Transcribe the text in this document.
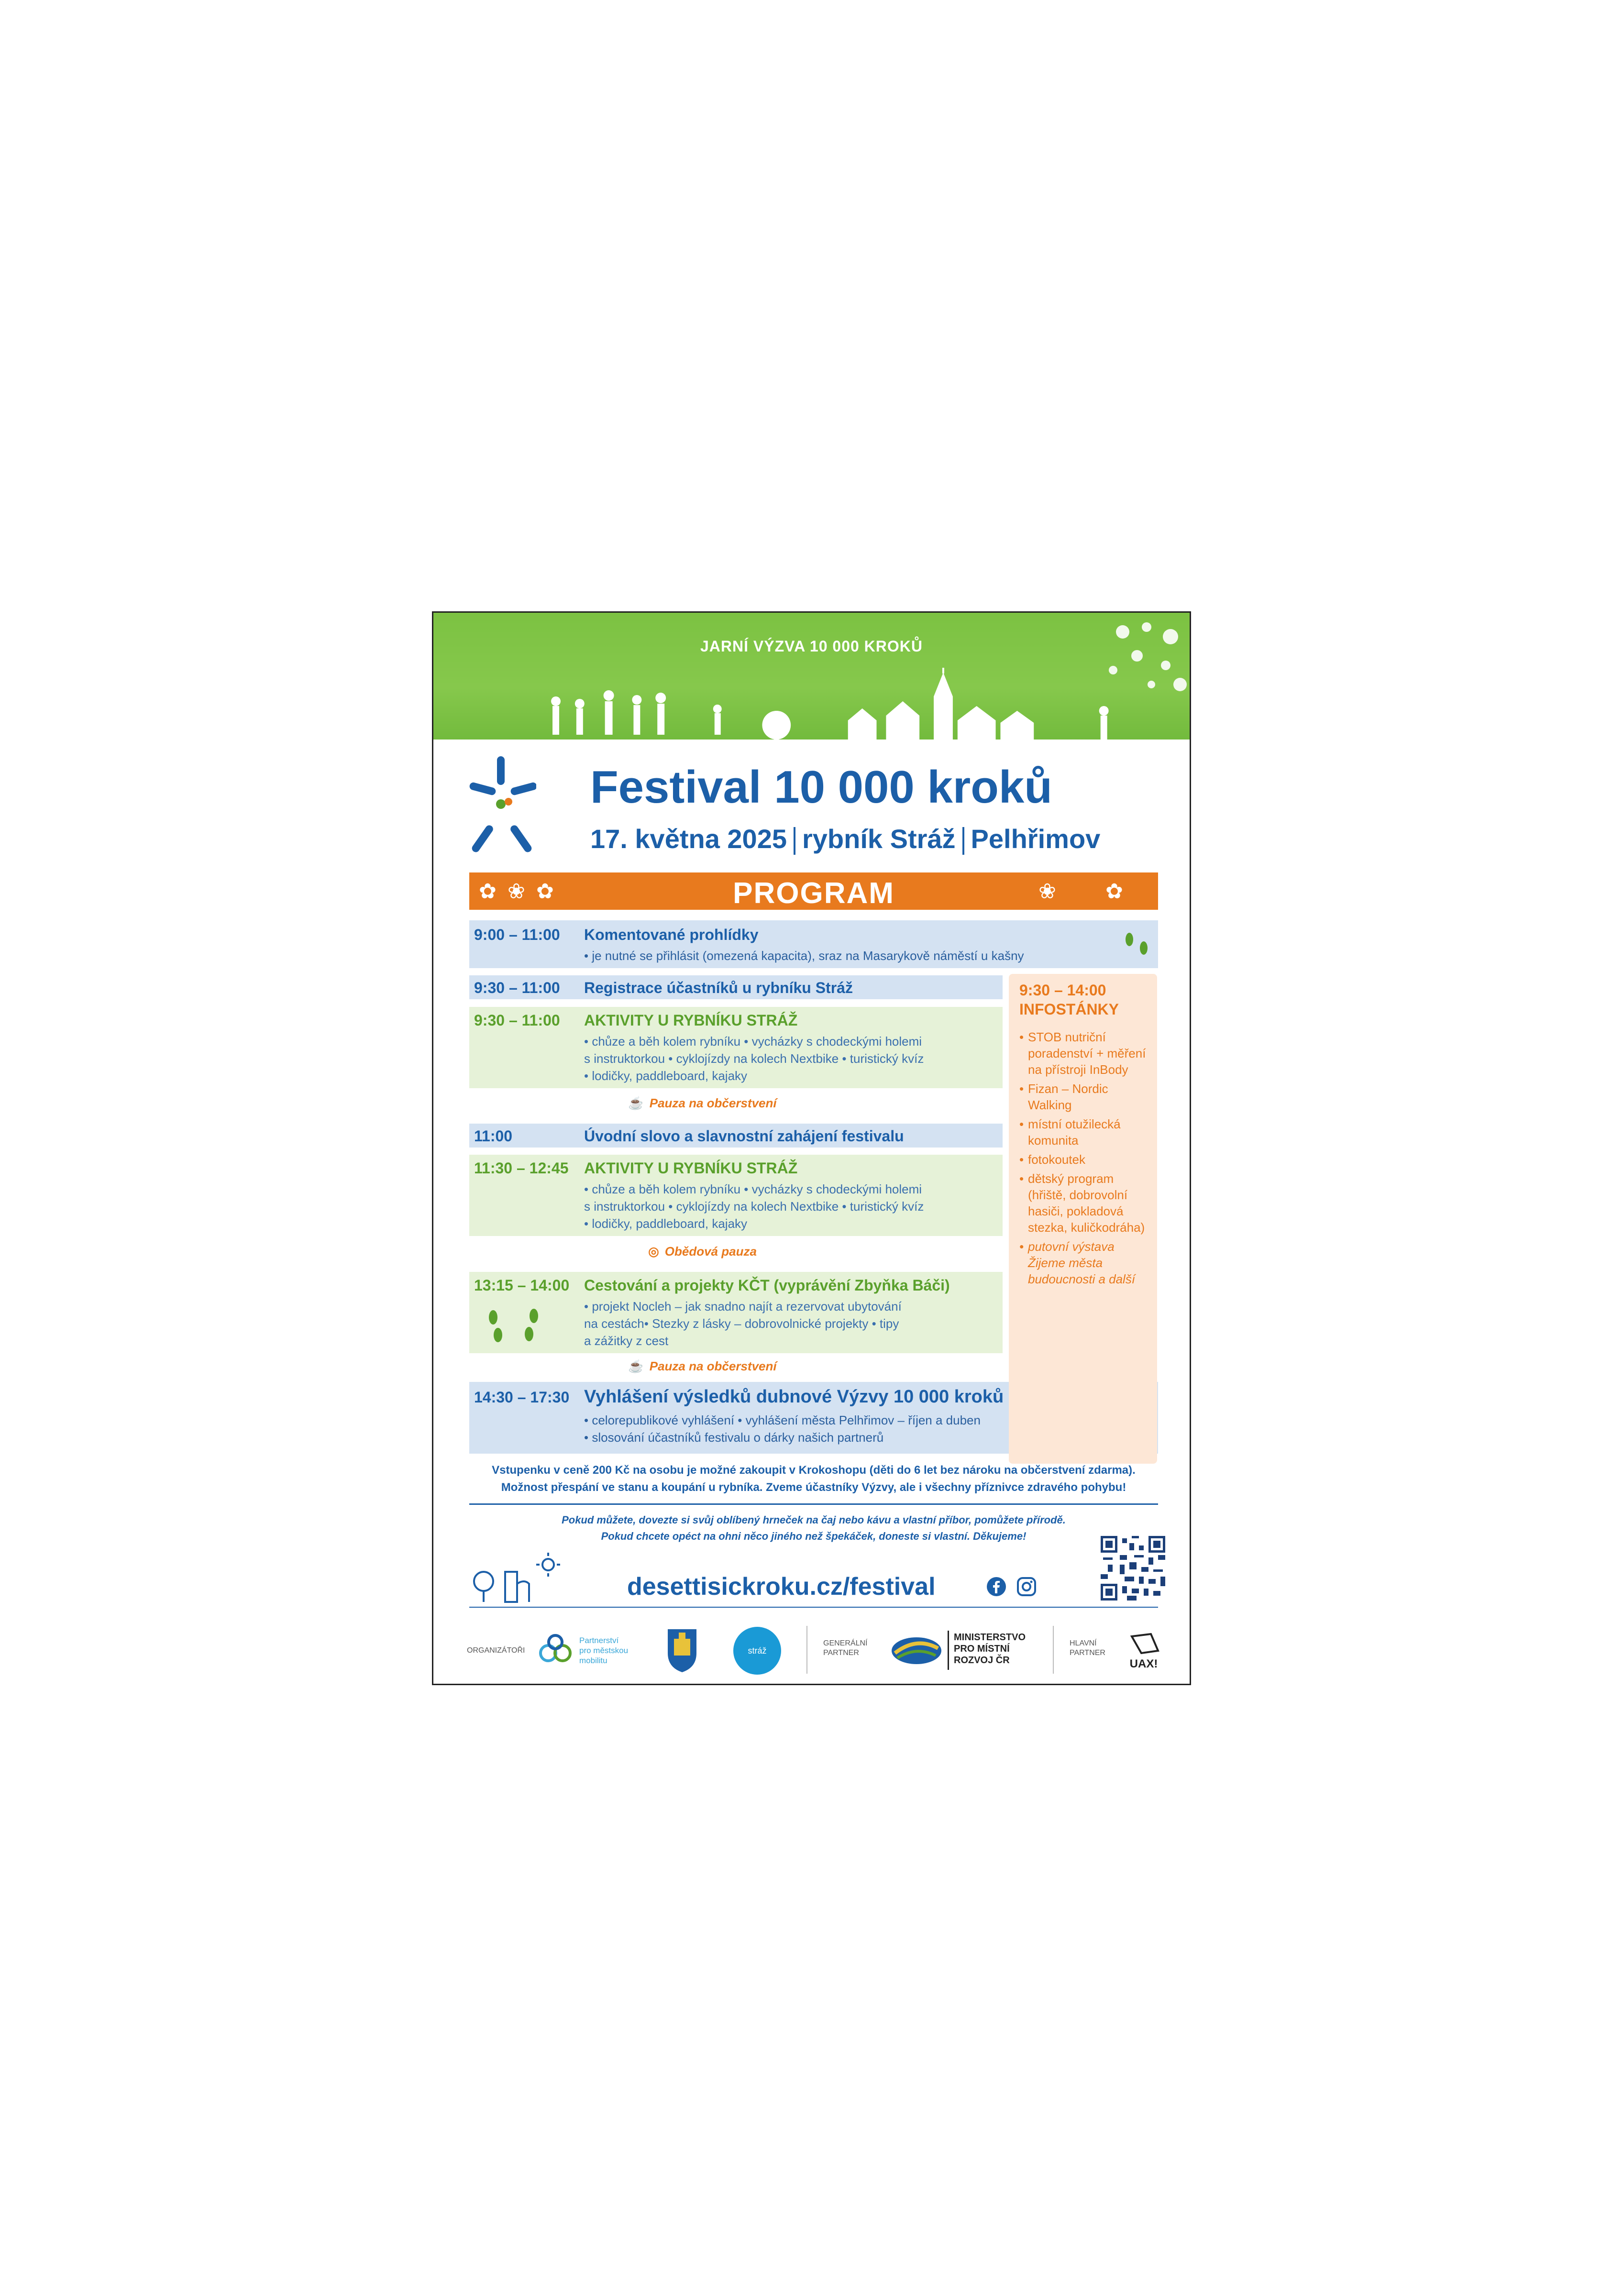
JARNÍ VÝZVA 10 000 KROKŮ
Festival 10 000 kroků
17. května 2025 rybník Stráž Pelhřimov
✿ ❀ ✿	❀ ✿
PROGRAM
9:00 – 11:00 Komentované prohlídky
• je nutné se přihlásit (omezená kapacita), sraz na Masarykově náměstí u kašny
9:30 – 11:00 Registrace účastníků u rybníku Stráž
9:30 – 11:00 AKTIVITY U RYBNÍKU STRÁŽ
• chůze a běh kolem rybníku • vycházky s chodeckými holemi
s instruktorkou • cyklojízdy na kolech Nextbike • turistický kvíz
• lodičky, paddleboard, kajaky
☕ Pauza na občerstvení
11:00	Úvodní slovo a slavnostní zahájení festivalu
11:30 – 12:45 AKTIVITY U RYBNÍKU STRÁŽ
• chůze a běh kolem rybníku • vycházky s chodeckými holemi
s instruktorkou • cyklojízdy na kolech Nextbike • turistický kvíz
• lodičky, paddleboard, kajaky
◎ Obědová pauza
13:15 – 14:00 Cestování a projekty KČT (vyprávění Zbyňka Báči)
• projekt Nocleh – jak snadno najít a rezervovat ubytování
na cestách• Stezky z lásky – dobrovolnické projekty • tipy
a zážitky z cest
☕ Pauza na občerstvení
14:30 – 17:30 Vyhlášení výsledků dubnové Výzvy 10 000 kroků
• celorepublikové vyhlášení • vyhlášení města Pelhřimov – říjen a duben
• slosování účastníků festivalu o dárky našich partnerů
9:30 – 14:00
INFOSTÁNKY
• STOB nutriční poradenství + měření na přístroji InBody
• Fizan – Nordic Walking
• místní otužilecká komunita
• fotokoutek
• dětský program (hřiště, dobrovolní hasiči, pokladová stezka, kuličkodráha)
• putovní výstava Žijeme města budoucnosti a další
Vstupenku v ceně 200 Kč na osobu je možné zakoupit v Krokoshopu (děti do 6 let bez nároku na občerstvení zdarma).
Možnost přespání ve stanu a koupání u rybníka. Zveme účastníky Výzvy, ale i všechny příznivce zdravého pohybu!
Pokud můžete, dovezte si svůj oblíbený hrneček na čaj nebo kávu a vlastní příbor, pomůžete přírodě.
Pokud chcete opéct na ohni něco jiného než špekáček, doneste si vlastní. Děkujeme!
desettisickroku.cz/festival
ORGANIZÁTOŘI
Partnerství
pro městskou
mobilitu
stráž
GENERÁLNÍ
PARTNER
MINISTERSTVO
PRO MÍSTNÍ
ROZVOJ ČR
HLAVNÍ
PARTNER
UAX!
